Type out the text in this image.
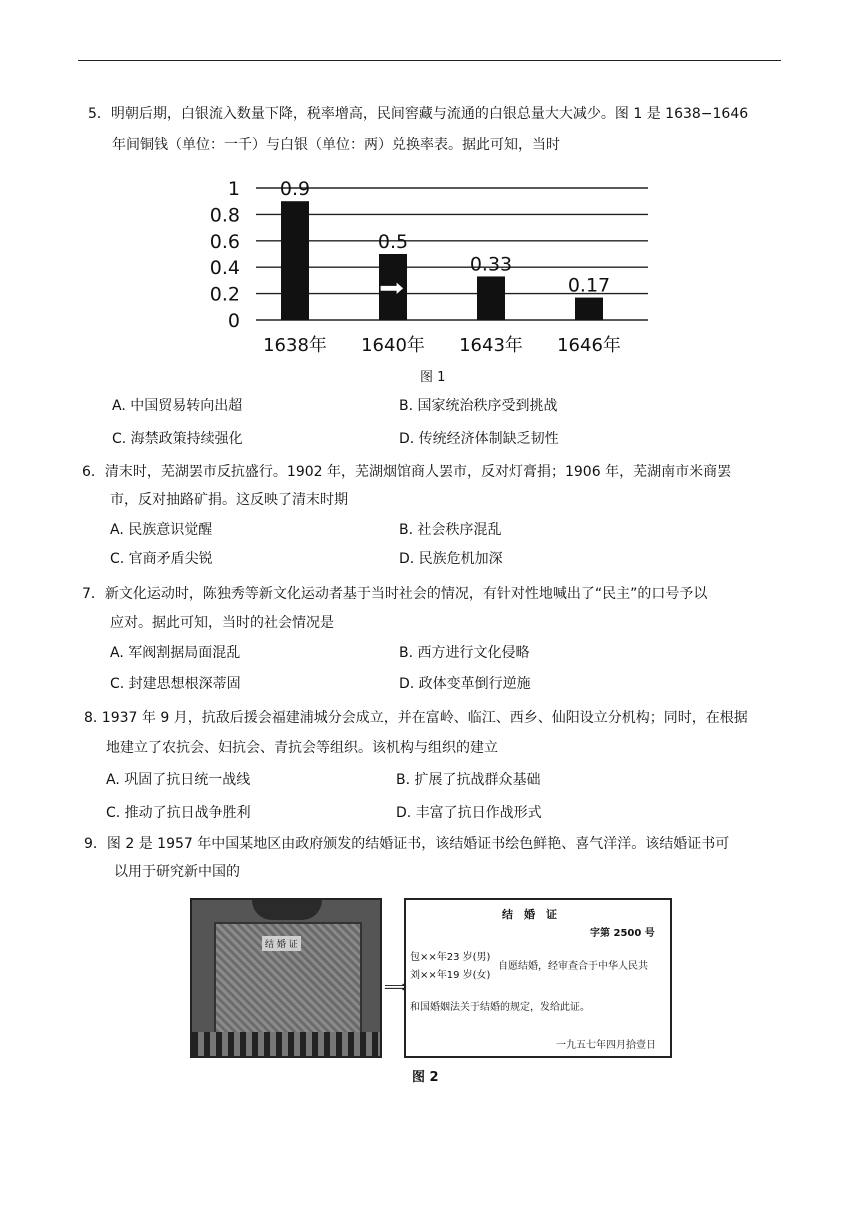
5．明朝后期，白银流入数量下降，税率增高，民间窖藏与流通的白银总量大大减少。图 1 是 1638−1646
年间铜钱（单位：一千）与白银（单位：两）兑换率表。据此可知，当时
0
0.2
0.4
0.6
0.8
1 0.9
1638年
0.5
1640年
0.33
1643年
0.17
1646年
图 1
A. 中国贸易转向出超	B. 国家统治秩序受到挑战
C. 海禁政策持续强化	D. 传统经济体制缺乏韧性
6．清末时，芜湖罢市反抗盛行。1902 年，芜湖烟馆商人罢市，反对灯膏捐；1906 年，芜湖南市米商罢
市，反对抽路矿捐。这反映了清末时期
A. 民族意识觉醒	B. 社会秩序混乱
C. 官商矛盾尖锐	D. 民族危机加深
7．新文化运动时，陈独秀等新文化运动者基于当时社会的情况，有针对性地喊出了“民主”的口号予以
应对。据此可知，当时的社会情况是
A. 军阀割据局面混乱	B. 西方进行文化侵略
C. 封建思想根深蒂固	D. 政体变革倒行逆施
8. 1937 年 9 月，抗敌后援会福建浦城分会成立，并在富岭、临江、西乡、仙阳设立分机构；同时，在根据
地建立了农抗会、妇抗会、青抗会等组织。该机构与组织的建立
A. 巩固了抗日统一战线	B. 扩展了抗战群众基础
C. 推动了抗日战争胜利	D. 丰富了抗日作战形式
9．图 2 是 1957 年中国某地区由政府颁发的结婚证书，该结婚证书绘色鲜艳、喜气洋洋。该结婚证书可
以用于研究新中国的
结 婚 证
⟹
结　婚　证
字第 2500 号
包××年23 岁(男)
刘××年19 岁(女)
自愿结婚，经审查合于中华人民共
和国婚姻法关于结婚的规定，发给此证。
一九五七年四月拾壹日
图 2
